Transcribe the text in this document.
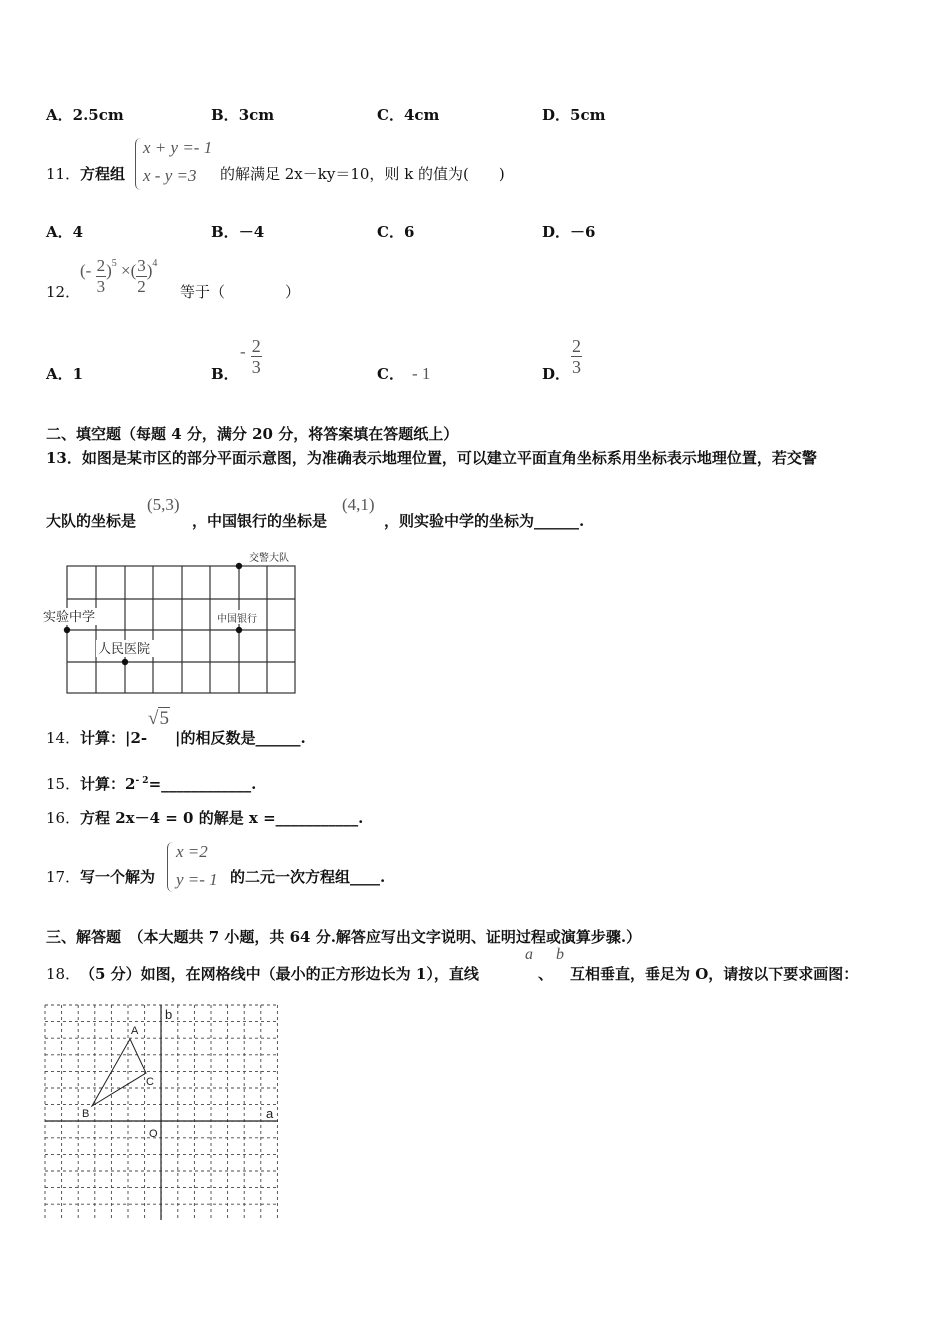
A．2.5cm	B．3cm	C．4cm	D．5cm
11． 方程组
x + y =- 1
x - y =3 的解满足 2x－ky＝10，则 k 的值为(　　)
A．4	B．－4	C．6	D．－6
12．
(- $\frac{2}{3} )^5$ ×( $\frac{3}{2} )^4$
等于（　　　　）
A．1	B．
- $\frac{2}{3}$	C． - 1	D． $\frac{2}{3}$
二、填空题（每题 4 分，满分 20 分，将答案填在答题纸上）
13．如图是某市区的部分平面示意图，为准确表示地理位置，可以建立平面直角坐标系用坐标表示地理位置，若交警
大队的坐标是
(5,3)
，中国银行的坐标是
(4,1)
，则实验中学的坐标为______.
交警大队
中国银行
实验中学
人民医院
14． 计算：|2-
√5
|的相反数是______.
15． 计算：$2^{- 2}=\_\_\_\_\_\_\_\_\_\_\_\_$.
16． 方程 2x－4 = 0 的解是 x =___________.
17． 写一个解为
x =2
y =- 1 的二元一次方程组____.
三、解答题　（本大题共 7 小题，共 64 分.解答应写出文字说明、证明过程或演算步骤.）
18． （5 分）如图，在网格线中（最小的正方形边长为 1），直线
a
、
b
互相垂直，垂足为 O，请按以下要求画图：
A
B
C
O
a
b
